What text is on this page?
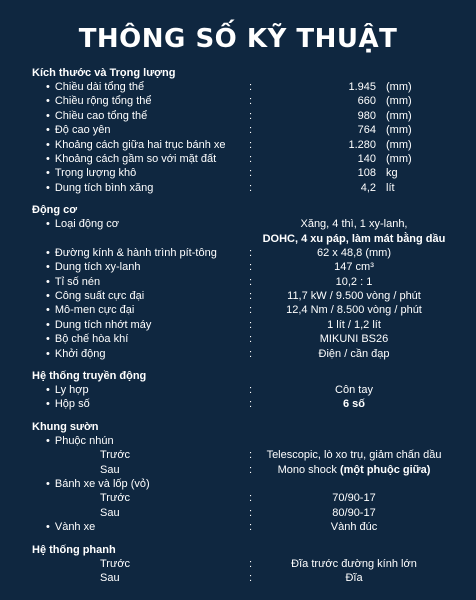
THÔNG SỐ KỸ THUẬT
Kích thước và Trọng lượng
• Chiều dài tổng thể	:	1.945 (mm)
• Chiều rộng tổng thể	:	660 (mm)
• Chiều cao tổng thể	:	980 (mm)
• Độ cao yên	:	764 (mm)
• Khoảng cách giữa hai trục bánh xe :	1.280 (mm)
• Khoảng cách gầm so với mặt đất	:	140 (mm)
• Trọng lượng khô	:	108 kg
• Dung tích bình xăng	:	4,2 lít
Động cơ
• Loại động cơ	Xăng, 4 thì, 1 xy-lanh,
DOHC, 4 xu páp, làm mát bằng dầu
• Đường kính & hành trình pít-tông	:	62 x 48,8 (mm)
• Dung tích xy-lanh	:	147 cm³
• Tỉ số nén	:	10,2 : 1
• Công suất cực đại	:	11,7 kW / 9.500 vòng / phút
• Mô-men cực đại	:	12,4 Nm / 8.500 vòng / phút
• Dung tích nhớt máy	:	1 lít / 1,2 lít
• Bộ chế hòa khí	:	MIKUNI BS26
• Khởi động	:	Điện / cần đạp
Hệ thống truyền động
• Ly hợp	:	Côn tay
• Hộp số	:	6 số
Khung sườn
• Phuộc nhún
Trước	:	Telescopic, lò xo trụ, giảm chấn dầu
Sau	:	Mono shock (một phuộc giữa)
• Bánh xe và lốp (vỏ)
Trước	:	70/90-17
Sau	:	80/90-17
• Vành xe	:	Vành đúc
Hệ thống phanh
Trước	:	Đĩa trước đường kính lớn
Sau	:	Đĩa
